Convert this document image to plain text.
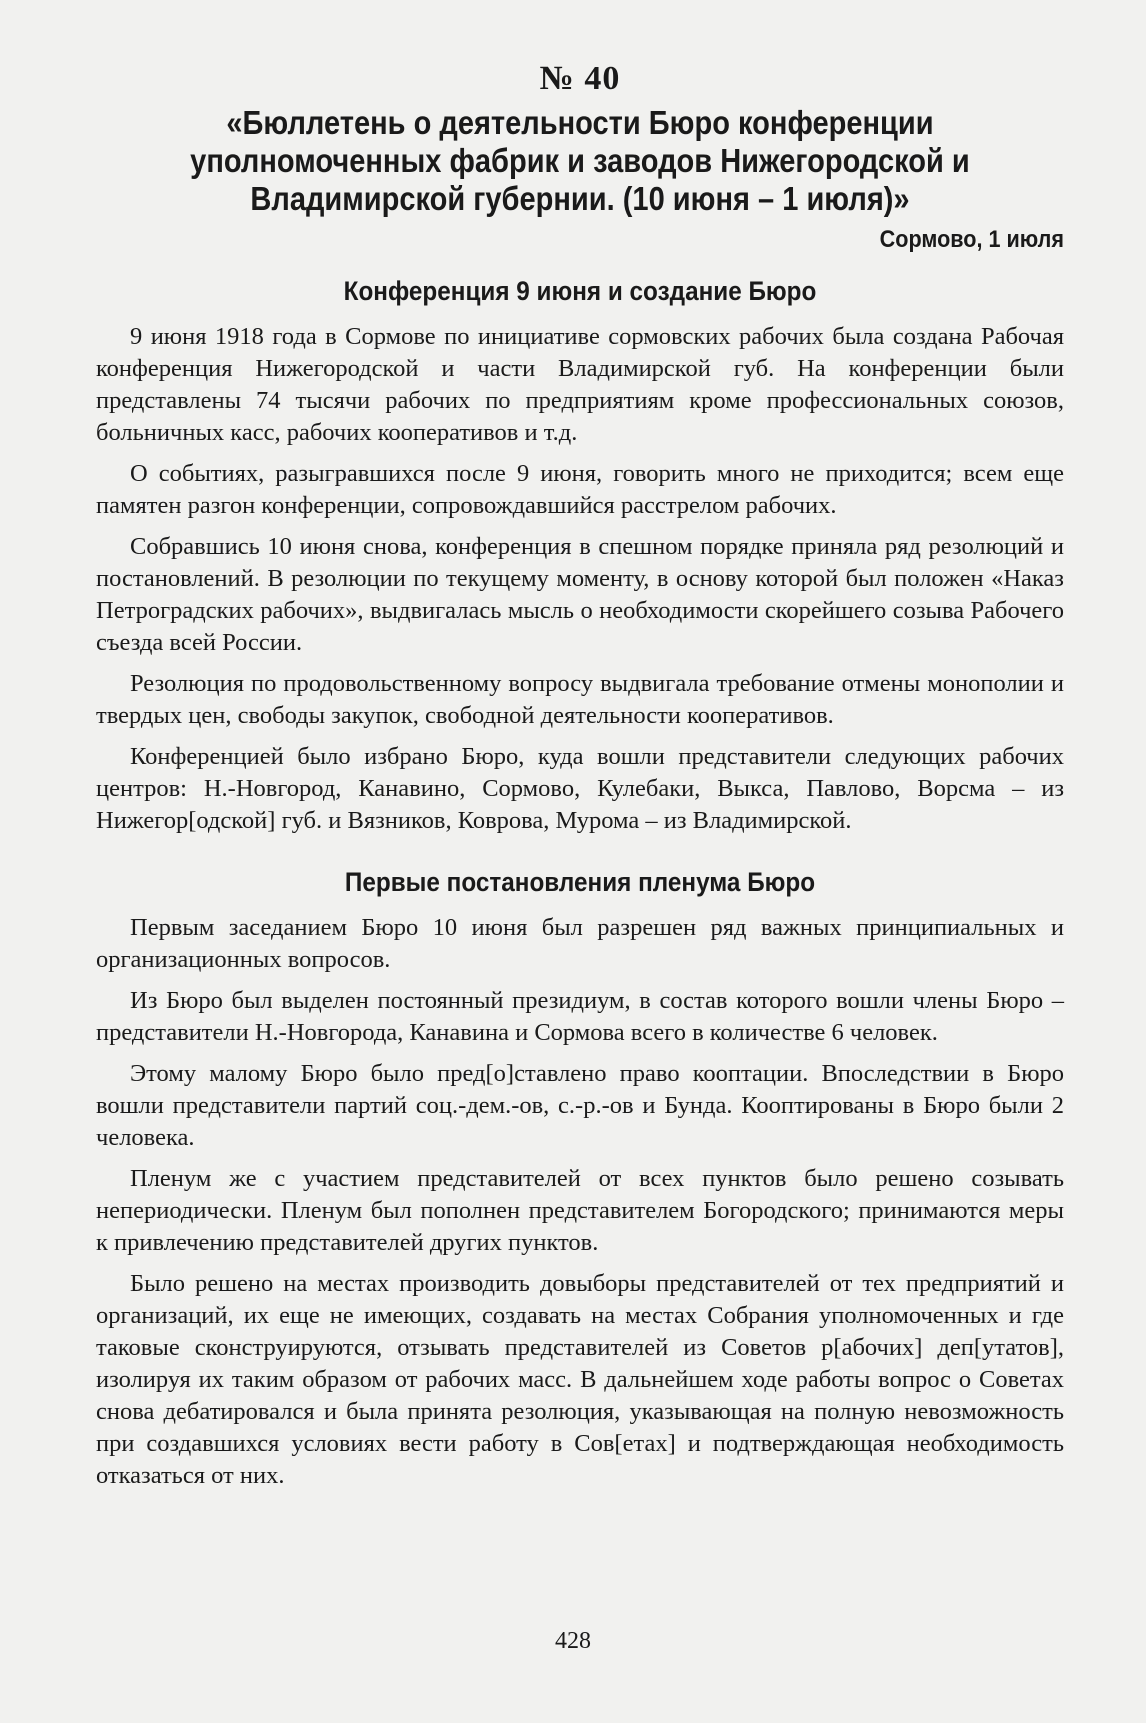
№ 40
«Бюллетень о деятельности Бюро конференции уполномоченных фабрик и заводов Нижегородской и Владимирской губернии. (10 июня – 1 июля)»
Сормово, 1 июля
Конференция 9 июня и создание Бюро

9 июня 1918 года в Сормове по инициативе сормовских рабочих была создана Рабочая конференция Нижегородской и части Владимирской губ. На конференции были представлены 74 тысячи рабочих по предприятиям кроме профессиональных союзов, больничных касс, рабочих кооперативов и т.д.

О событиях, разыгравшихся после 9 июня, говорить много не приходится; всем еще памятен разгон конференции, сопровождавшийся расстрелом рабочих.

Собравшись 10 июня снова, конференция в спешном порядке приняла ряд резолюций и постановлений. В резолюции по текущему моменту, в основу которой был положен «Наказ Петроградских рабочих», выдвигалась мысль о необходимости скорейшего созыва Рабочего съезда всей России.

Резолюция по продовольственному вопросу выдвигала требование отмены монополии и твердых цен, свободы закупок, свободной деятельности кооперативов.

Конференцией было избрано Бюро, куда вошли представители следующих рабочих центров: Н.-Новгород, Канавино, Сормово, Кулебаки, Выкса, Павлово, Ворсма – из Нижегор[одской] губ. и Вязников, Коврова, Мурома – из Владимирской.

Первые постановления пленума Бюро

Первым заседанием Бюро 10 июня был разрешен ряд важных принципиальных и организационных вопросов.

Из Бюро был выделен постоянный президиум, в состав которого вошли члены Бюро – представители Н.-Новгорода, Канавина и Сормова всего в количестве 6 человек.

Этому малому Бюро было пред[о]ставлено право кооптации. Впоследствии в Бюро вошли представители партий соц.-дем.-ов, с.-р.-ов и Бунда. Кооптированы в Бюро были 2 человека.

Пленум же с участием представителей от всех пунктов было решено созывать непериодически. Пленум был пополнен представителем Богородского; принимаются меры к привлечению представителей других пунктов.

Было решено на местах производить довыборы представителей от тех предприятий и организаций, их еще не имеющих, создавать на местах Собрания уполномоченных и где таковые сконструируются, отзывать представителей из Советов р[абочих] деп[утатов], изолируя их таким образом от рабочих масс. В дальнейшем ходе работы вопрос о Советах снова дебатировался и была принята резолюция, указывающая на полную невозможность при создавшихся условиях вести работу в Сов[етах] и подтверждающая необходимость отказаться от них.

428
